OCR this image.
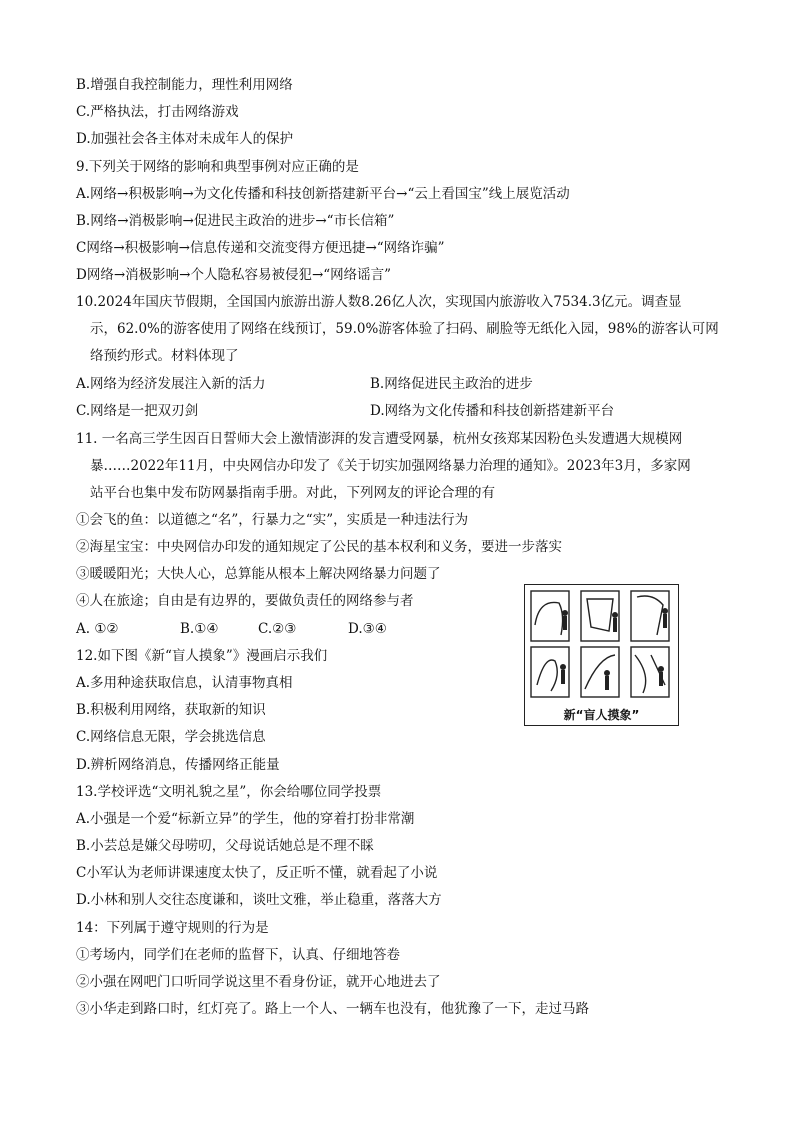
B.增强自我控制能力，理性利用网络
C.严格执法，打击网络游戏
D.加强社会各主体对未成年人的保护
9.下列关于网络的影响和典型事例对应正确的是
A.网络→积极影响→为文化传播和科技创新搭建新平台→“云上看国宝”线上展览活动
B.网络→消极影响→促进民主政治的进步→“市长信箱”
C网络→积极影响→信息传递和交流变得方便迅捷→“网络诈骗”
D网络→消极影响→个人隐私容易被侵犯→“网络谣言”
10.2024年国庆节假期，全国国内旅游出游人数8.26亿人次，实现国内旅游收入7534.3亿元。调查显
示，62.0%的游客使用了网络在线预订，59.0%游客体验了扫码、刷脸等无纸化入园，98%的游客认可网
络预约形式。材料体现了
A.网络为经济发展注入新的活力	B.网络促进民主政治的进步
C.网络是一把双刃剑	D.网络为文化传播和科技创新搭建新平台
11. 一名高三学生因百日誓师大会上激情澎湃的发言遭受网暴，杭州女孩郑某因粉色头发遭遇大规模网
暴……2022年11月，中央网信办印发了《关于切实加强网络暴力治理的通知》。2023年3月，多家网
站平台也集中发布防网暴指南手册。对此，下列网友的评论合理的有
①会飞的鱼：以道德之“名”，行暴力之“实”，实质是一种违法行为
②海星宝宝：中央网信办印发的通知规定了公民的基本权利和义务，要进一步落实
③暖暖阳光；大快人心，总算能从根本上解决网络暴力问题了
④人在旅途；自由是有边界的，要做负责任的网络参与者
A. ①②	B.①④	C.②③	D.③④
12.如下图《新“盲人摸象”》漫画启示我们
A.多用种途获取信息，认清事物真相
B.积极利用网络，获取新的知识
C.网络信息无限，学会挑选信息
D.辨析网络消息，传播网络正能量
13.学校评选“文明礼貌之星”，你会给哪位同学投票
A.小强是一个爱“标新立异”的学生，他的穿着打扮非常潮
B.小芸总是嫌父母唠叨，父母说话她总是不理不睬
C小军认为老师讲课速度太快了，反正听不懂，就看起了小说
D.小林和别人交往态度谦和，谈吐文雅，举止稳重，落落大方
14：下列属于遵守规则的行为是
①考场内，同学们在老师的监督下，认真、仔细地答卷
②小强在网吧门口听同学说这里不看身份证，就开心地进去了
③小华走到路口时，红灯亮了。路上一个人、一辆车也没有，他犹豫了一下，走过马路
新“盲人摸象”
